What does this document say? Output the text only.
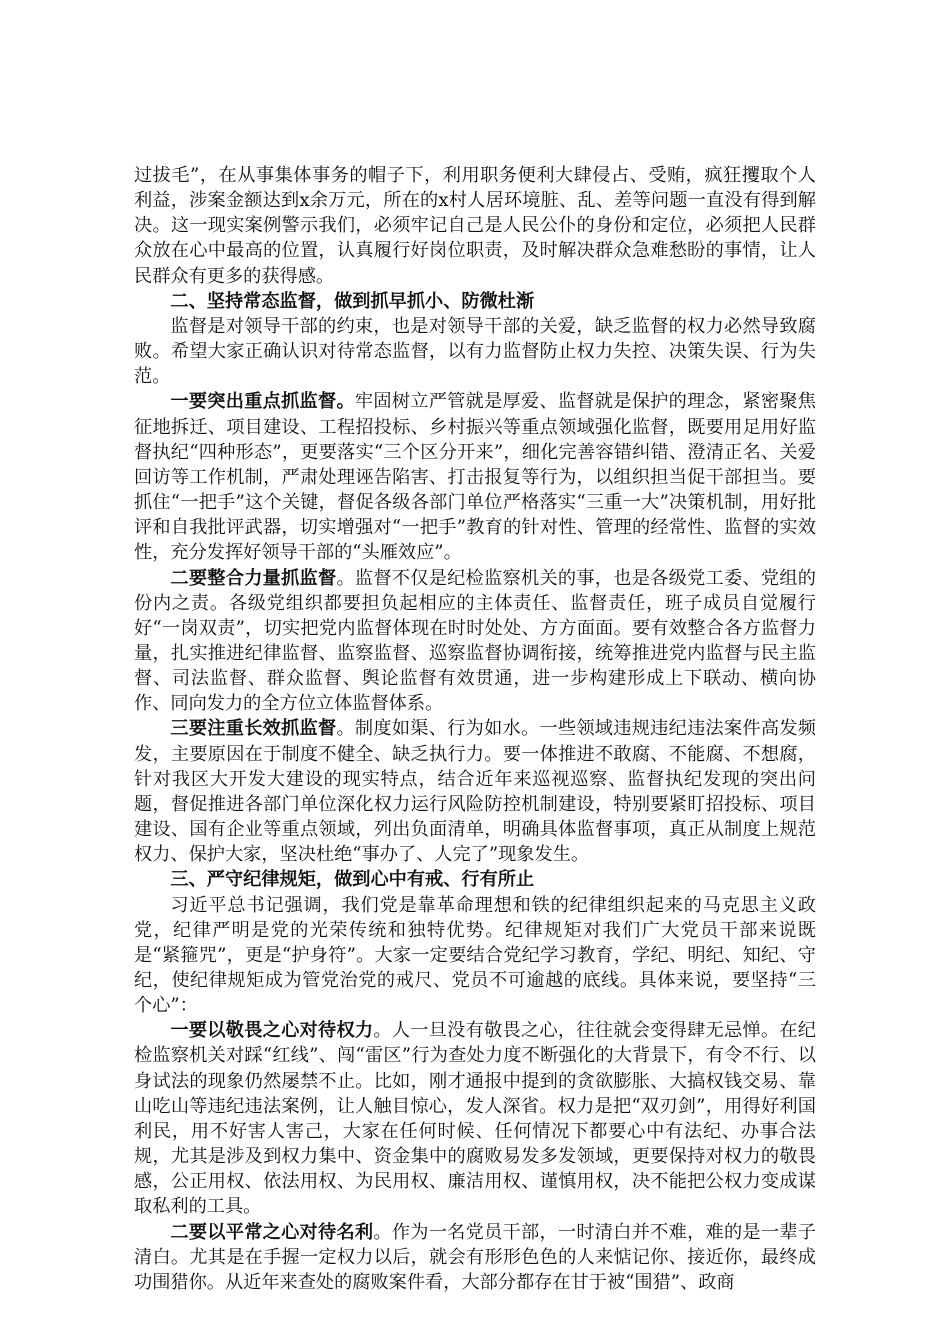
过拔毛”，在从事集体事务的帽子下，利用职务便利大肆侵占、受贿，疯狂攫取个人利益，涉案金额达到x余万元，所在的x村人居环境脏、乱、差等问题一直没有得到解决。这一现实案例警示我们，必须牢记自己是人民公仆的身份和定位，必须把人民群众放在心中最高的位置，认真履行好岗位职责，及时解决群众急难愁盼的事情，让人民群众有更多的获得感。

二、坚持常态监督，做到抓早抓小、防微杜渐

监督是对领导干部的约束，也是对领导干部的关爱，缺乏监督的权力必然导致腐败。希望大家正确认识对待常态监督，以有力监督防止权力失控、决策失误、行为失范。

一要突出重点抓监督。牢固树立严管就是厚爱、监督就是保护的理念，紧密聚焦征地拆迁、项目建设、工程招投标、乡村振兴等重点领域强化监督，既要用足用好监督执纪“四种形态”，更要落实“三个区分开来”，细化完善容错纠错、澄清正名、关爱回访等工作机制，严肃处理诬告陷害、打击报复等行为，以组织担当促干部担当。要抓住“一把手”这个关键，督促各级各部门单位严格落实“三重一大”决策机制，用好批评和自我批评武器，切实增强对“一把手”教育的针对性、管理的经常性、监督的实效性，充分发挥好领导干部的“头雁效应”。

二要整合力量抓监督。监督不仅是纪检监察机关的事，也是各级党工委、党组的份内之责。各级党组织都要担负起相应的主体责任、监督责任，班子成员自觉履行好“一岗双责”，切实把党内监督体现在时时处处、方方面面。要有效整合各方监督力量，扎实推进纪律监督、监察监督、巡察监督协调衔接，统筹推进党内监督与民主监督、司法监督、群众监督、舆论监督有效贯通，进一步构建形成上下联动、横向协作、同向发力的全方位立体监督体系。

三要注重长效抓监督。制度如渠、行为如水。一些领域违规违纪违法案件高发频发，主要原因在于制度不健全、缺乏执行力。要一体推进不敢腐、不能腐、不想腐，针对我区大开发大建设的现实特点，结合近年来巡视巡察、监督执纪发现的突出问题，督促推进各部门单位深化权力运行风险防控机制建设，特别要紧盯招投标、项目建设、国有企业等重点领域，列出负面清单，明确具体监督事项，真正从制度上规范权力、保护大家，坚决杜绝“事办了、人完了”现象发生。

三、严守纪律规矩，做到心中有戒、行有所止

习近平总书记强调，我们党是靠革命理想和铁的纪律组织起来的马克思主义政党，纪律严明是党的光荣传统和独特优势。纪律规矩对我们广大党员干部来说既是“紧箍咒”，更是“护身符”。大家一定要结合党纪学习教育，学纪、明纪、知纪、守纪，使纪律规矩成为管党治党的戒尺、党员不可逾越的底线。具体来说，要坚持“三个心”：

一要以敬畏之心对待权力。人一旦没有敬畏之心，往往就会变得肆无忌惮。在纪检监察机关对踩“红线”、闯“雷区”行为查处力度不断强化的大背景下，有令不行、以身试法的现象仍然屡禁不止。比如，刚才通报中提到的贪欲膨胀、大搞权钱交易、靠山吃山等违纪违法案例，让人触目惊心，发人深省。权力是把“双刃剑”，用得好利国利民，用不好害人害己，大家在任何时候、任何情况下都要心中有法纪、办事合法规，尤其是涉及到权力集中、资金集中的腐败易发多发领域，更要保持对权力的敬畏感，公正用权、依法用权、为民用权、廉洁用权、谨慎用权，决不能把公权力变成谋取私利的工具。

二要以平常之心对待名利。作为一名党员干部，一时清白并不难，难的是一辈子清白。尤其是在手握一定权力以后，就会有形形色色的人来惦记你、接近你，最终成功围猎你。从近年来查处的腐败案件看，大部分都存在甘于被“围猎”、政商
